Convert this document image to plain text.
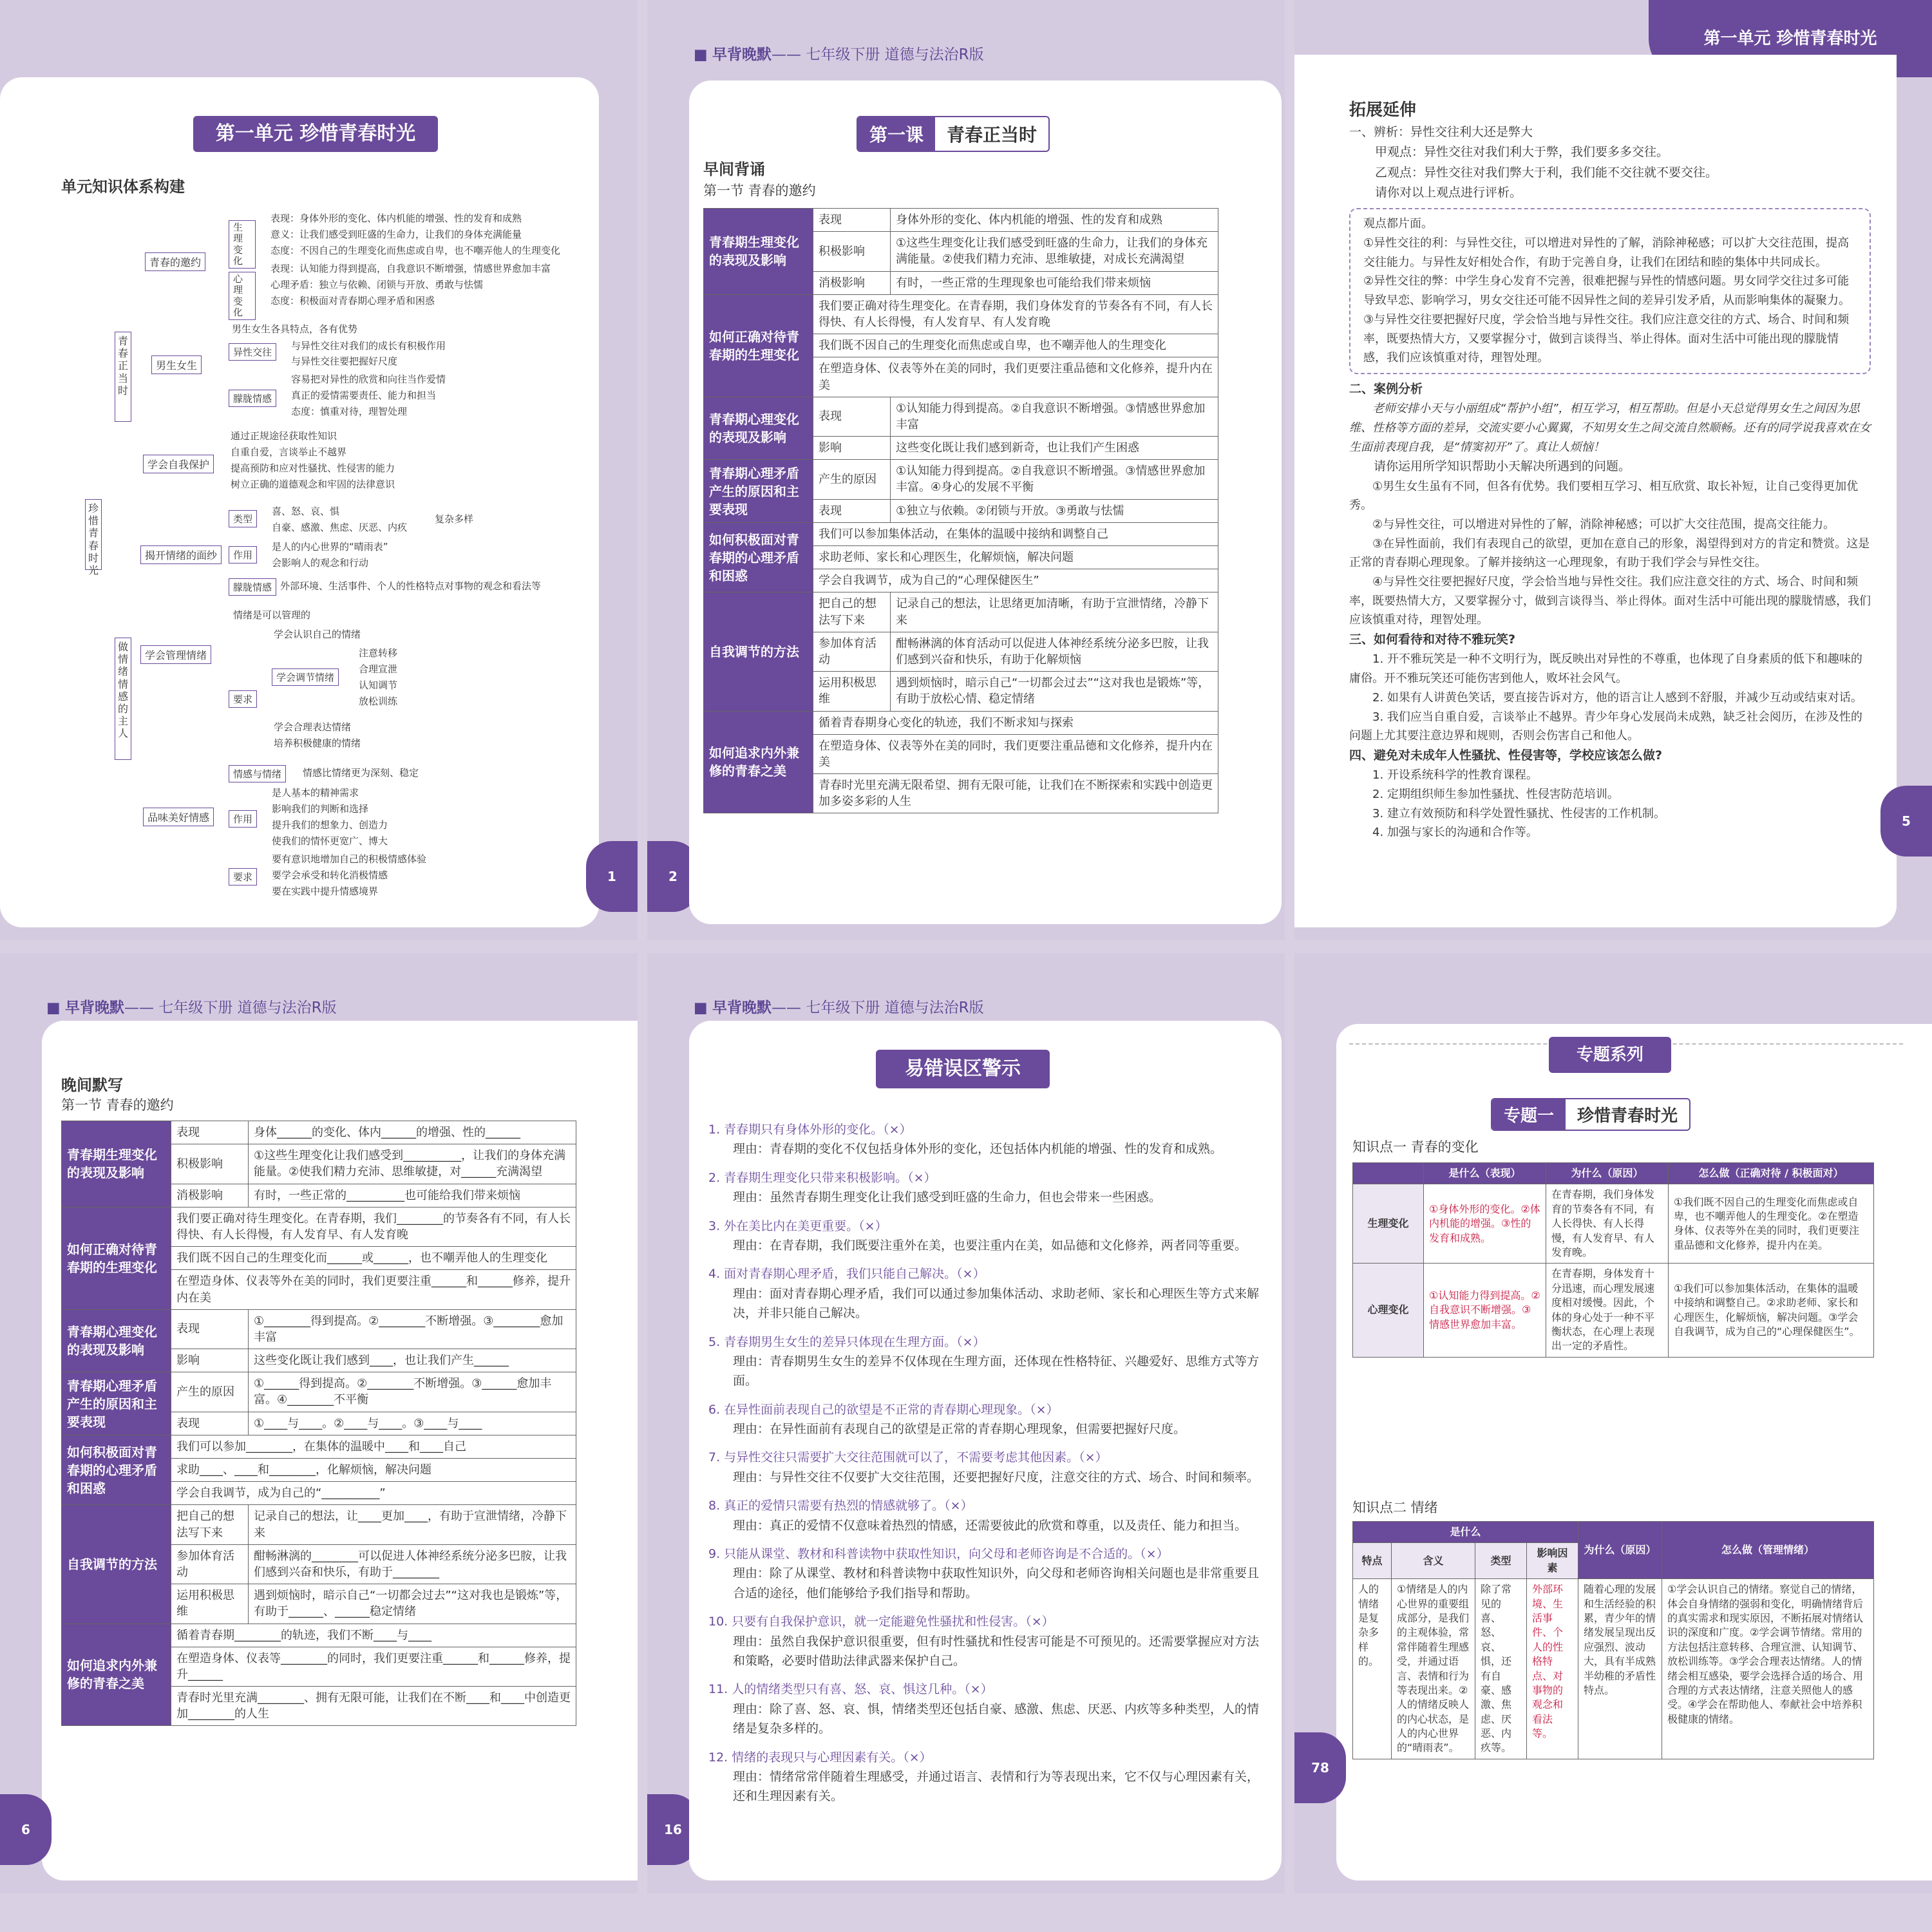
第一单元 珍惜青春时光
单元知识体系构建
珍惜青春时光
青春正当时
做情绪情感的主人
青春的邀约
男生女生
学会自我保护
揭开情绪的面纱
学会管理情绪
品味美好情感
生理变化
心理变化
表现：身体外形的变化、体内机能的增强、性的发育和成熟
意义：让我们感受到旺盛的生命力，让我们的身体充满能量
态度：不因自己的生理变化而焦虑或自卑，也不嘲弄他人的生理变化
表现：认知能力得到提高，自我意识不断增强，情感世界愈加丰富
心理矛盾：独立与依赖、闭锁与开放、勇敢与怯懦
态度：积极面对青春期心理矛盾和困惑
男生女生各具特点，各有优势
异性交往
与异性交往对我们的成长有积极作用
与异性交往要把握好尺度
朦胧情感
容易把对异性的欣赏和向往当作爱情
真正的爱情需要责任、能力和担当
态度：慎重对待，理智处理
通过正规途径获取性知识
自重自爱，言谈举止不越界
提高预防和应对性骚扰、性侵害的能力
树立正确的道德观念和牢固的法律意识
类型
喜、怒、哀、惧
自豪、感激、焦虑、厌恶、内疚
复杂多样
作用
是人的内心世界的“晴雨表”
会影响人的观念和行动
朦胧情感 外部环境、生活事件、个人的性格特点对事物的观念和看法等
情绪是可以管理的
要求
学会认识自己的情绪
学会调节情绪
注意转移
合理宣泄
认知调节
放松训练
学会合理表达情绪
培养积极健康的情绪
情感与情绪	情感比情绪更为深刻、稳定
作用
是人基本的精神需求
影响我们的判断和选择
提升我们的想象力、创造力
使我们的情怀更宽广、博大
要求
要有意识地增加自己的积极情感体验
要学会承受和转化消极情感
要在实践中提升情感境界
1
■ 早背晚默—— 七年级下册 道德与法治R版
2
第一课	青春正当时
早间背诵
第一节 青春的邀约
青春期生理变化的表现及影响	表现	身体外形的变化、体内机能的增强、性的发育和成熟
	积极影响	①这些生理变化让我们感受到旺盛的生命力，让我们的身体充满能量。②使我们精力充沛、思维敏捷，对成长充满渴望
	消极影响	有时，一些正常的生理现象也可能给我们带来烦恼
如何正确对待青春期的生理变化	我们要正确对待生理变化。在青春期，我们身体发育的节奏各有不同，有人长得快、有人长得慢，有人发育早、有人发育晚	
	我们既不因自己的生理变化而焦虑或自卑，也不嘲弄他人的生理变化	
	在塑造身体、仪表等外在美的同时，我们更要注重品德和文化修养，提升内在美	
青春期心理变化的表现及影响	表现	①认知能力得到提高。②自我意识不断增强。③情感世界愈加丰富
	影响	这些变化既让我们感到新奇，也让我们产生困惑
青春期心理矛盾产生的原因和主要表现	产生的原因	①认知能力得到提高。②自我意识不断增强。③情感世界愈加丰富。④身心的发展不平衡
	表现	①独立与依赖。②闭锁与开放。③勇敢与怯懦
如何积极面对青春期的心理矛盾和困惑	我们可以参加集体活动，在集体的温暖中接纳和调整自己	
	求助老师、家长和心理医生，化解烦恼，解决问题	
	学会自我调节，成为自己的“心理保健医生”	
自我调节的方法	把自己的想法写下来	记录自己的想法，让思绪更加清晰，有助于宣泄情绪，冷静下来
	参加体育活动	酣畅淋漓的体育活动可以促进人体神经系统分泌多巴胺，让我们感到兴奋和快乐，有助于化解烦恼
	运用积极思维	遇到烦恼时，暗示自己“一切都会过去”“这对我也是锻炼”等，有助于放松心情、稳定情绪
如何追求内外兼修的青春之美	循着青春期身心变化的轨迹，我们不断求知与探索	
	在塑造身体、仪表等外在美的同时，我们更要注重品德和文化修养，提升内在美	
	青春时光里充满无限希望、拥有无限可能，让我们在不断探索和实践中创造更加多姿多彩的人生	
第一单元 珍惜青春时光
拓展延伸

一、辨析：异性交往利大还是弊大

甲观点：异性交往对我们利大于弊，我们要多多交往。

乙观点：异性交往对我们弊大于利，我们能不交往就不要交往。

请你对以上观点进行评析。

观点都片面。

①异性交往的利：与异性交往，可以增进对异性的了解，消除神秘感；可以扩大交往范围，提高交往能力。与异性友好相处合作，有助于完善自身，让我们在团结和睦的集体中共同成长。

②异性交往的弊：中学生身心发育不完善，很难把握与异性的情感问题。男女同学交往过多可能导致早恋、影响学习，男女交往还可能不因异性之间的差异引发矛盾，从而影响集体的凝聚力。

③与异性交往要把握好尺度，学会恰当地与异性交往。我们应注意交往的方式、场合、时间和频率，既要热情大方，又要掌握分寸，做到言谈得当、举止得体。面对生活中可能出现的朦胧情感，我们应该慎重对待，理智处理。

二、案例分析

老师安排小天与小丽组成“帮护小组”，相互学习，相互帮助。但是小天总觉得男女生之间因为思维、性格等方面的差异，交流实要小心翼翼，不知男女生之间交流自然顺畅。还有的同学说我喜欢在女生面前表现自我，是“情窦初开”了。真让人烦恼！

请你运用所学知识帮助小天解决所遇到的问题。

①男生女生虽有不同，但各有优势。我们要相互学习、相互欣赏、取长补短，让自己变得更加优秀。

②与异性交往，可以增进对异性的了解，消除神秘感；可以扩大交往范围，提高交往能力。

③在异性面前，我们有表现自己的欲望，更加在意自己的形象，渴望得到对方的肯定和赞赏。这是正常的青春期心理现象。了解并接纳这一心理现象，有助于我们学会与异性交往。

④与异性交往要把握好尺度，学会恰当地与异性交往。我们应注意交往的方式、场合、时间和频率，既要热情大方，又要掌握分寸，做到言谈得当、举止得体。面对生活中可能出现的朦胧情感，我们应该慎重对待，理智处理。

三、如何看待和对待不雅玩笑?

1. 开不雅玩笑是一种不文明行为，既反映出对异性的不尊重，也体现了自身素质的低下和趣味的庸俗。开不雅玩笑还可能伤害到他人，败坏社会风气。

2. 如果有人讲黄色笑话，要直接告诉对方，他的语言让人感到不舒服，并减少互动或结束对话。

3. 我们应当自重自爱，言谈举止不越界。青少年身心发展尚未成熟，缺乏社会阅历，在涉及性的问题上尤其要注意边界和规则，否则会伤害自己和他人。

四、避免对未成年人性骚扰、性侵害等，学校应该怎么做?

1. 开设系统科学的性教育课程。

2. 定期组织师生参加性骚扰、性侵害防范培训。

3. 建立有效预防和科学处置性骚扰、性侵害的工作机制。

4. 加强与家长的沟通和合作等。

5
■ 早背晚默—— 七年级下册 道德与法治R版
晚间默写
第一节 青春的邀约
青春期生理变化的表现及影响	表现	身体______的变化、体内______的增强、性的______
	积极影响	①这些生理变化让我们感受到__________，让我们的身体充满能量。②使我们精力充沛、思维敏捷，对______充满渴望
	消极影响	有时，一些正常的__________也可能给我们带来烦恼
如何正确对待青春期的生理变化	我们要正确对待生理变化。在青春期，我们________的节奏各有不同，有人长得快、有人长得慢，有人发育早、有人发育晚	
	我们既不因自己的生理变化而______或______，也不嘲弄他人的生理变化	
	在塑造身体、仪表等外在美的同时，我们更要注重______和______修养，提升内在美	
青春期心理变化的表现及影响	表现	①________得到提高。②________不断增强。③________愈加丰富
	影响	这些变化既让我们感到____，也让我们产生______
青春期心理矛盾产生的原因和主要表现	产生的原因	①______得到提高。②________不断增强。③______愈加丰富。④________不平衡
	表现	①____与____。②____与____。③____与____
如何积极面对青春期的心理矛盾和困惑	我们可以参加________，在集体的温暖中____和____自己	
	求助____、____和________，化解烦恼，解决问题	
	学会自我调节，成为自己的“__________”	
自我调节的方法	把自己的想法写下来	记录自己的想法，让____更加____，有助于宣泄情绪，冷静下来
	参加体育活动	酣畅淋漓的________可以促进人体神经系统分泌多巴胺，让我们感到兴奋和快乐，有助于________
	运用积极思维	遇到烦恼时，暗示自己“一切都会过去”“这对我也是锻炼”等，有助于______、______稳定情绪
如何追求内外兼修的青春之美	循着青春期________的轨迹，我们不断____与____	
	在塑造身体、仪表等________的同时，我们更要注重______和______修养，提升______	
	青春时光里充满________、拥有无限可能，让我们在不断____和____中创造更加________的人生	
6
■ 早背晚默—— 七年级下册 道德与法治R版
16
易错误区警示
1. 青春期只有身体外形的变化。（×）
理由：青春期的变化不仅包括身体外形的变化，还包括体内机能的增强、性的发育和成熟。
2. 青春期生理变化只带来积极影响。（×）
理由：虽然青春期生理变化让我们感受到旺盛的生命力，但也会带来一些困惑。
3. 外在美比内在美更重要。（×）
理由：在青春期，我们既要注重外在美，也要注重内在美，如品德和文化修养，两者同等重要。
4. 面对青春期心理矛盾，我们只能自己解决。（×）
理由：面对青春期心理矛盾，我们可以通过参加集体活动、求助老师、家长和心理医生等方式来解决，并非只能自己解决。
5. 青春期男生女生的差异只体现在生理方面。（×）
理由：青春期男生女生的差异不仅体现在生理方面，还体现在性格特征、兴趣爱好、思维方式等方面。
6. 在异性面前表现自己的欲望是不正常的青春期心理现象。（×）
理由：在异性面前有表现自己的欲望是正常的青春期心理现象，但需要把握好尺度。
7. 与异性交往只需要扩大交往范围就可以了，不需要考虑其他因素。（×）
理由：与异性交往不仅要扩大交往范围，还要把握好尺度，注意交往的方式、场合、时间和频率。
8. 真正的爱情只需要有热烈的情感就够了。（×）
理由：真正的爱情不仅意味着热烈的情感，还需要彼此的欣赏和尊重，以及责任、能力和担当。
9. 只能从课堂、教材和科普读物中获取性知识，向父母和老师咨询是不合适的。（×）
理由：除了从课堂、教材和科普读物中获取性知识外，向父母和老师咨询相关问题也是非常重要且合适的途径，他们能够给予我们指导和帮助。
10. 只要有自我保护意识，就一定能避免性骚扰和性侵害。（×）
理由：虽然自我保护意识很重要，但有时性骚扰和性侵害可能是不可预见的。还需要掌握应对方法和策略，必要时借助法律武器来保护自己。
11. 人的情绪类型只有喜、怒、哀、惧这几种。（×）
理由：除了喜、怒、哀、惧，情绪类型还包括自豪、感激、焦虑、厌恶、内疚等多种类型，人的情绪是复杂多样的。
12. 情绪的表现只与心理因素有关。（×）
理由：情绪常常伴随着生理感受，并通过语言、表情和行为等表现出来，它不仅与心理因素有关，还和生理因素有关。
专题系列
专题一	珍惜青春时光
知识点一 青春的变化
	是什么（表现）	为什么（原因）	怎么做（正确对待 / 积极面对）
生理变化	①身体外形的变化。②体内机能的增强。③性的发育和成熟。	在青春期，我们身体发育的节奏各有不同，有人长得快、有人长得慢，有人发育早、有人发育晚。	①我们既不因自己的生理变化而焦虑或自卑，也不嘲弄他人的生理变化。②在塑造身体、仪表等外在美的同时，我们更要注重品德和文化修养，提升内在美。
心理变化	①认知能力得到提高。②自我意识不断增强。③情感世界愈加丰富。	在青春期，身体发育十分迅速，而心理发展速度相对缓慢。因此，个体的身心处于一种不平衡状态，在心理上表现出一定的矛盾性。	①我们可以参加集体活动，在集体的温暖中接纳和调整自己。②求助老师、家长和心理医生，化解烦恼，解决问题。③学会自我调节，成为自己的“心理保健医生”。
知识点二 情绪
是什么				为什么（原因）	怎么做（管理情绪）
特点	含义	类型	影响因素		
人的情绪是复杂多样的。	①情绪是人的内心世界的重要组成部分，是我们的主观体验，常常伴随着生理感受，并通过语言、表情和行为等表现出来。②人的情绪反映人的内心状态，是人的内心世界的“晴雨表”。	除了常见的喜、怒、哀、惧，还有自豪、感激、焦虑、厌恶、内疚等。	外部环境、生活事件、个人的性格特点、对事物的观念和看法等。	随着心理的发展和生活经验的积累，青少年的情绪发展呈现出反应强烈、波动大，具有半成熟半幼稚的矛盾性特点。	①学会认识自己的情绪。察觉自己的情绪，体会自身情绪的强弱和变化，明确情绪背后的真实需求和现实原因，不断拓展对情绪认识的深度和广度。②学会调节情绪。常用的方法包括注意转移、合理宣泄、认知调节、放松训练等。③学会合理表达情绪。人的情绪会相互感染，要学会选择合适的场合、用合理的方式表达情绪，注意关照他人的感受。④学会在帮助他人、奉献社会中培养积极健康的情绪。
78
